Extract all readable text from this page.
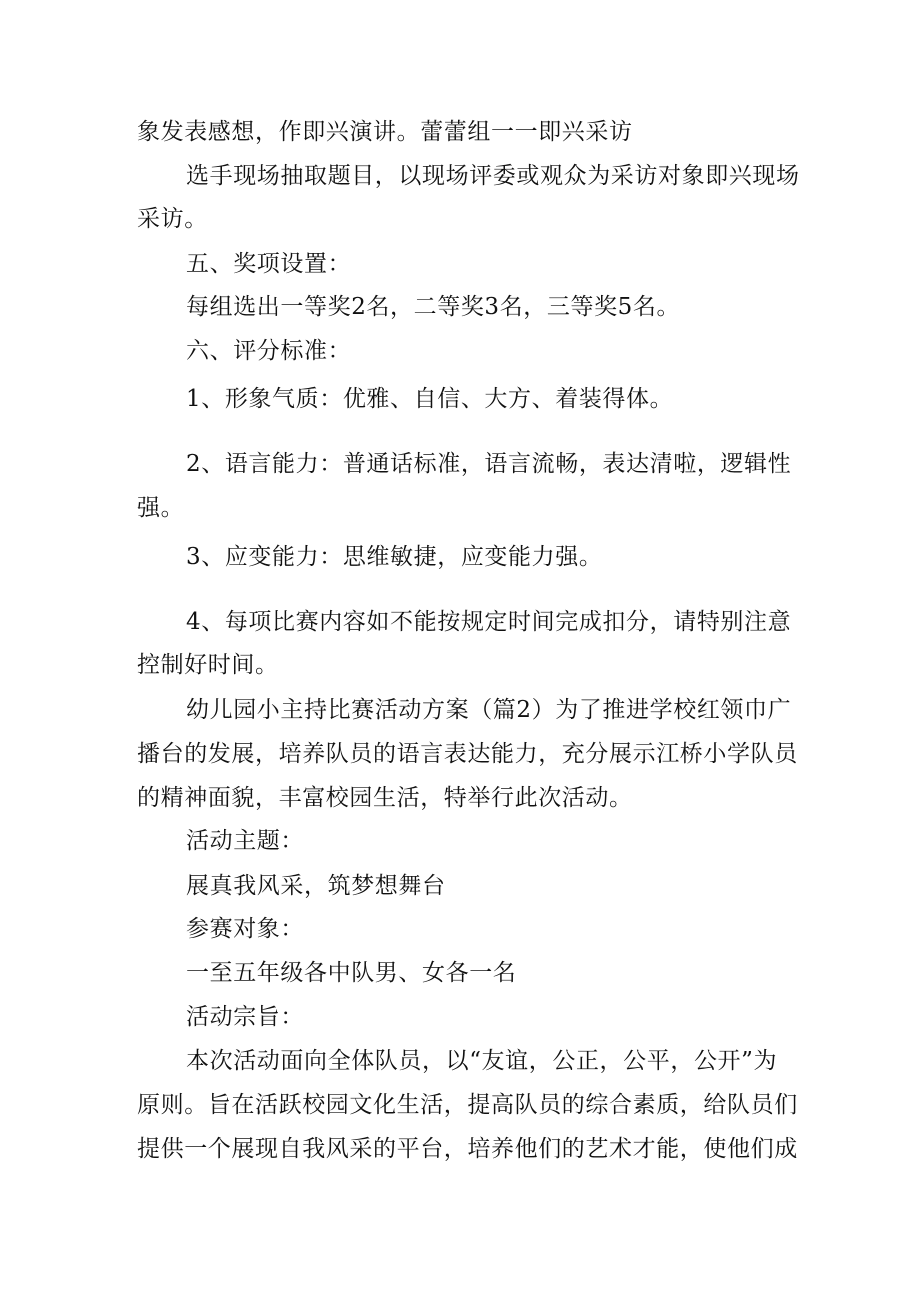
象发表感想，作即兴演讲。蕾蕾组一一即兴采访
选手现场抽取题目，以现场评委或观众为采访对象即兴现场
采访。
五、奖项设置：
每组选出一等奖2名，二等奖3名，三等奖5名。
六、评分标准：
1、形象气质：优雅、自信、大方、着装得体。
2、语言能力：普通话标准，语言流畅，表达清啦，逻辑性
强。
3、应变能力：思维敏捷，应变能力强。
4、每项比赛内容如不能按规定时间完成扣分，请特别注意
控制好时间。
幼儿园小主持比赛活动方案（篇2）为了推进学校红领巾广
播台的发展，培养队员的语言表达能力，充分展示江桥小学队员
的精神面貌，丰富校园生活，特举行此次活动。
活动主题：
展真我风采，筑梦想舞台
参赛对象：
一至五年级各中队男、女各一名
活动宗旨：
本次活动面向全体队员，以“友谊，公正，公平，公开”为
原则。旨在活跃校园文化生活，提高队员的综合素质，给队员们
提供一个展现自我风采的平台，培养他们的艺术才能，使他们成
